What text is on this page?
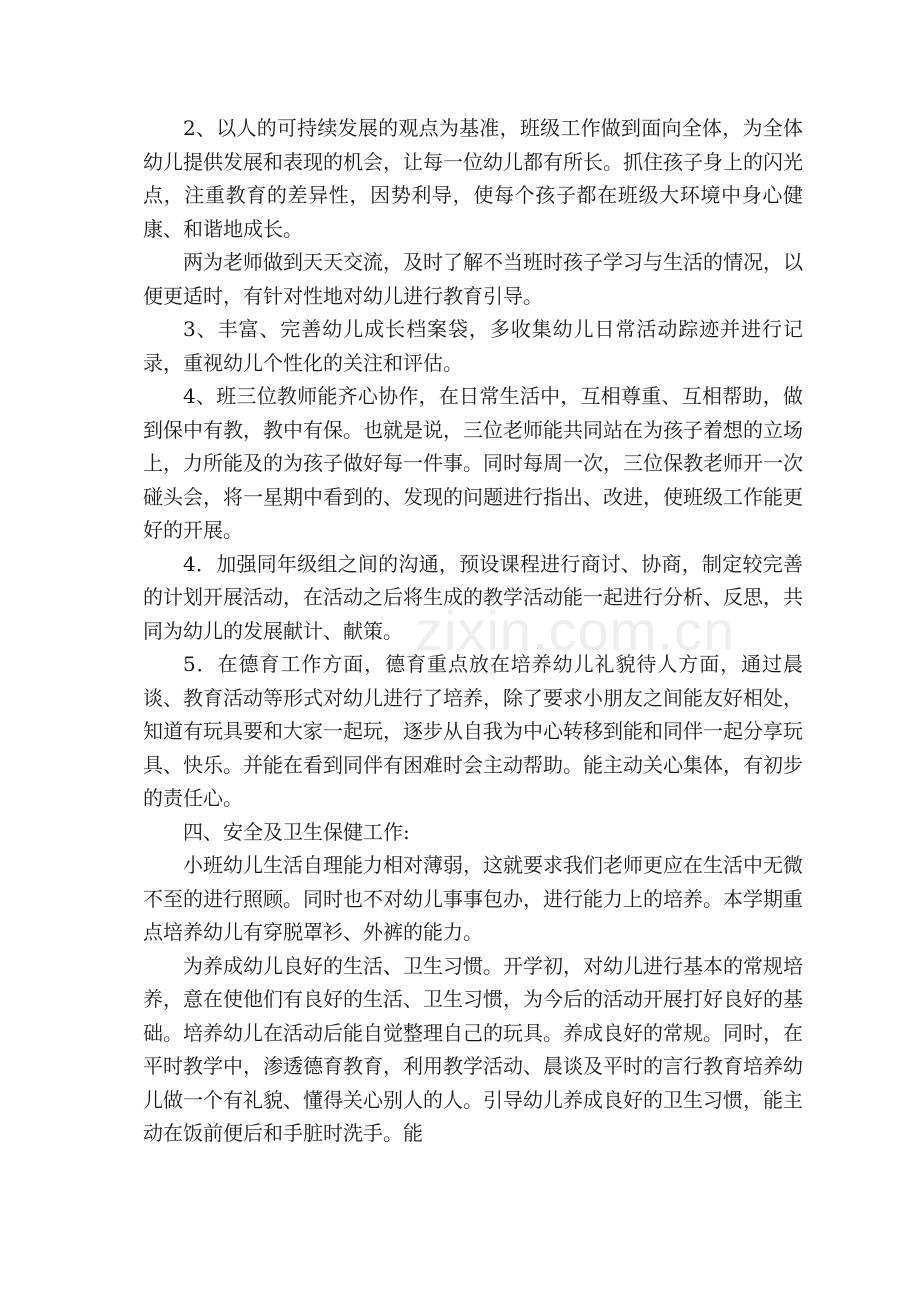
2、以人的可持续发展的观点为基准，班级工作做到面向全体，为全体幼儿提供发展和表现的机会，让每一位幼儿都有所长。抓住孩子身上的闪光点，注重教育的差异性，因势利导，使每个孩子都在班级大环境中身心健康、和谐地成长。

两为老师做到天天交流，及时了解不当班时孩子学习与生活的情况，以便更适时，有针对性地对幼儿进行教育引导。

3、丰富、完善幼儿成长档案袋，多收集幼儿日常活动踪迹并进行记录，重视幼儿个性化的关注和评估。

4、班三位教师能齐心协作，在日常生活中，互相尊重、互相帮助，做到保中有教，教中有保。也就是说，三位老师能共同站在为孩子着想的立场上，力所能及的为孩子做好每一件事。同时每周一次，三位保教老师开一次碰头会，将一星期中看到的、发现的问题进行指出、改进，使班级工作能更好的开展。

4．加强同年级组之间的沟通，预设课程进行商讨、协商，制定较完善的计划开展活动，在活动之后将生成的教学活动能一起进行分析、反思，共同为幼儿的发展献计、献策。

5．在德育工作方面，德育重点放在培养幼儿礼貌待人方面，通过晨谈、教育活动等形式对幼儿进行了培养，除了要求小朋友之间能友好相处，知道有玩具要和大家一起玩，逐步从自我为中心转移到能和同伴一起分享玩具、快乐。并能在看到同伴有困难时会主动帮助。能主动关心集体，有初步的责任心。

四、安全及卫生保健工作:

小班幼儿生活自理能力相对薄弱，这就要求我们老师更应在生活中无微不至的进行照顾。同时也不对幼儿事事包办，进行能力上的培养。本学期重点培养幼儿有穿脱罩衫、外裤的能力。

为养成幼儿良好的生活、卫生习惯。开学初，对幼儿进行基本的常规培养，意在使他们有良好的生活、卫生习惯，为今后的活动开展打好良好的基础。培养幼儿在活动后能自觉整理自己的玩具。养成良好的常规。同时，在平时教学中，渗透德育教育，利用教学活动、晨谈及平时的言行教育培养幼儿做一个有礼貌、懂得关心别人的人。引导幼儿养成良好的卫生习惯，能主动在饭前便后和手脏时洗手。能

zixin.com.cn
